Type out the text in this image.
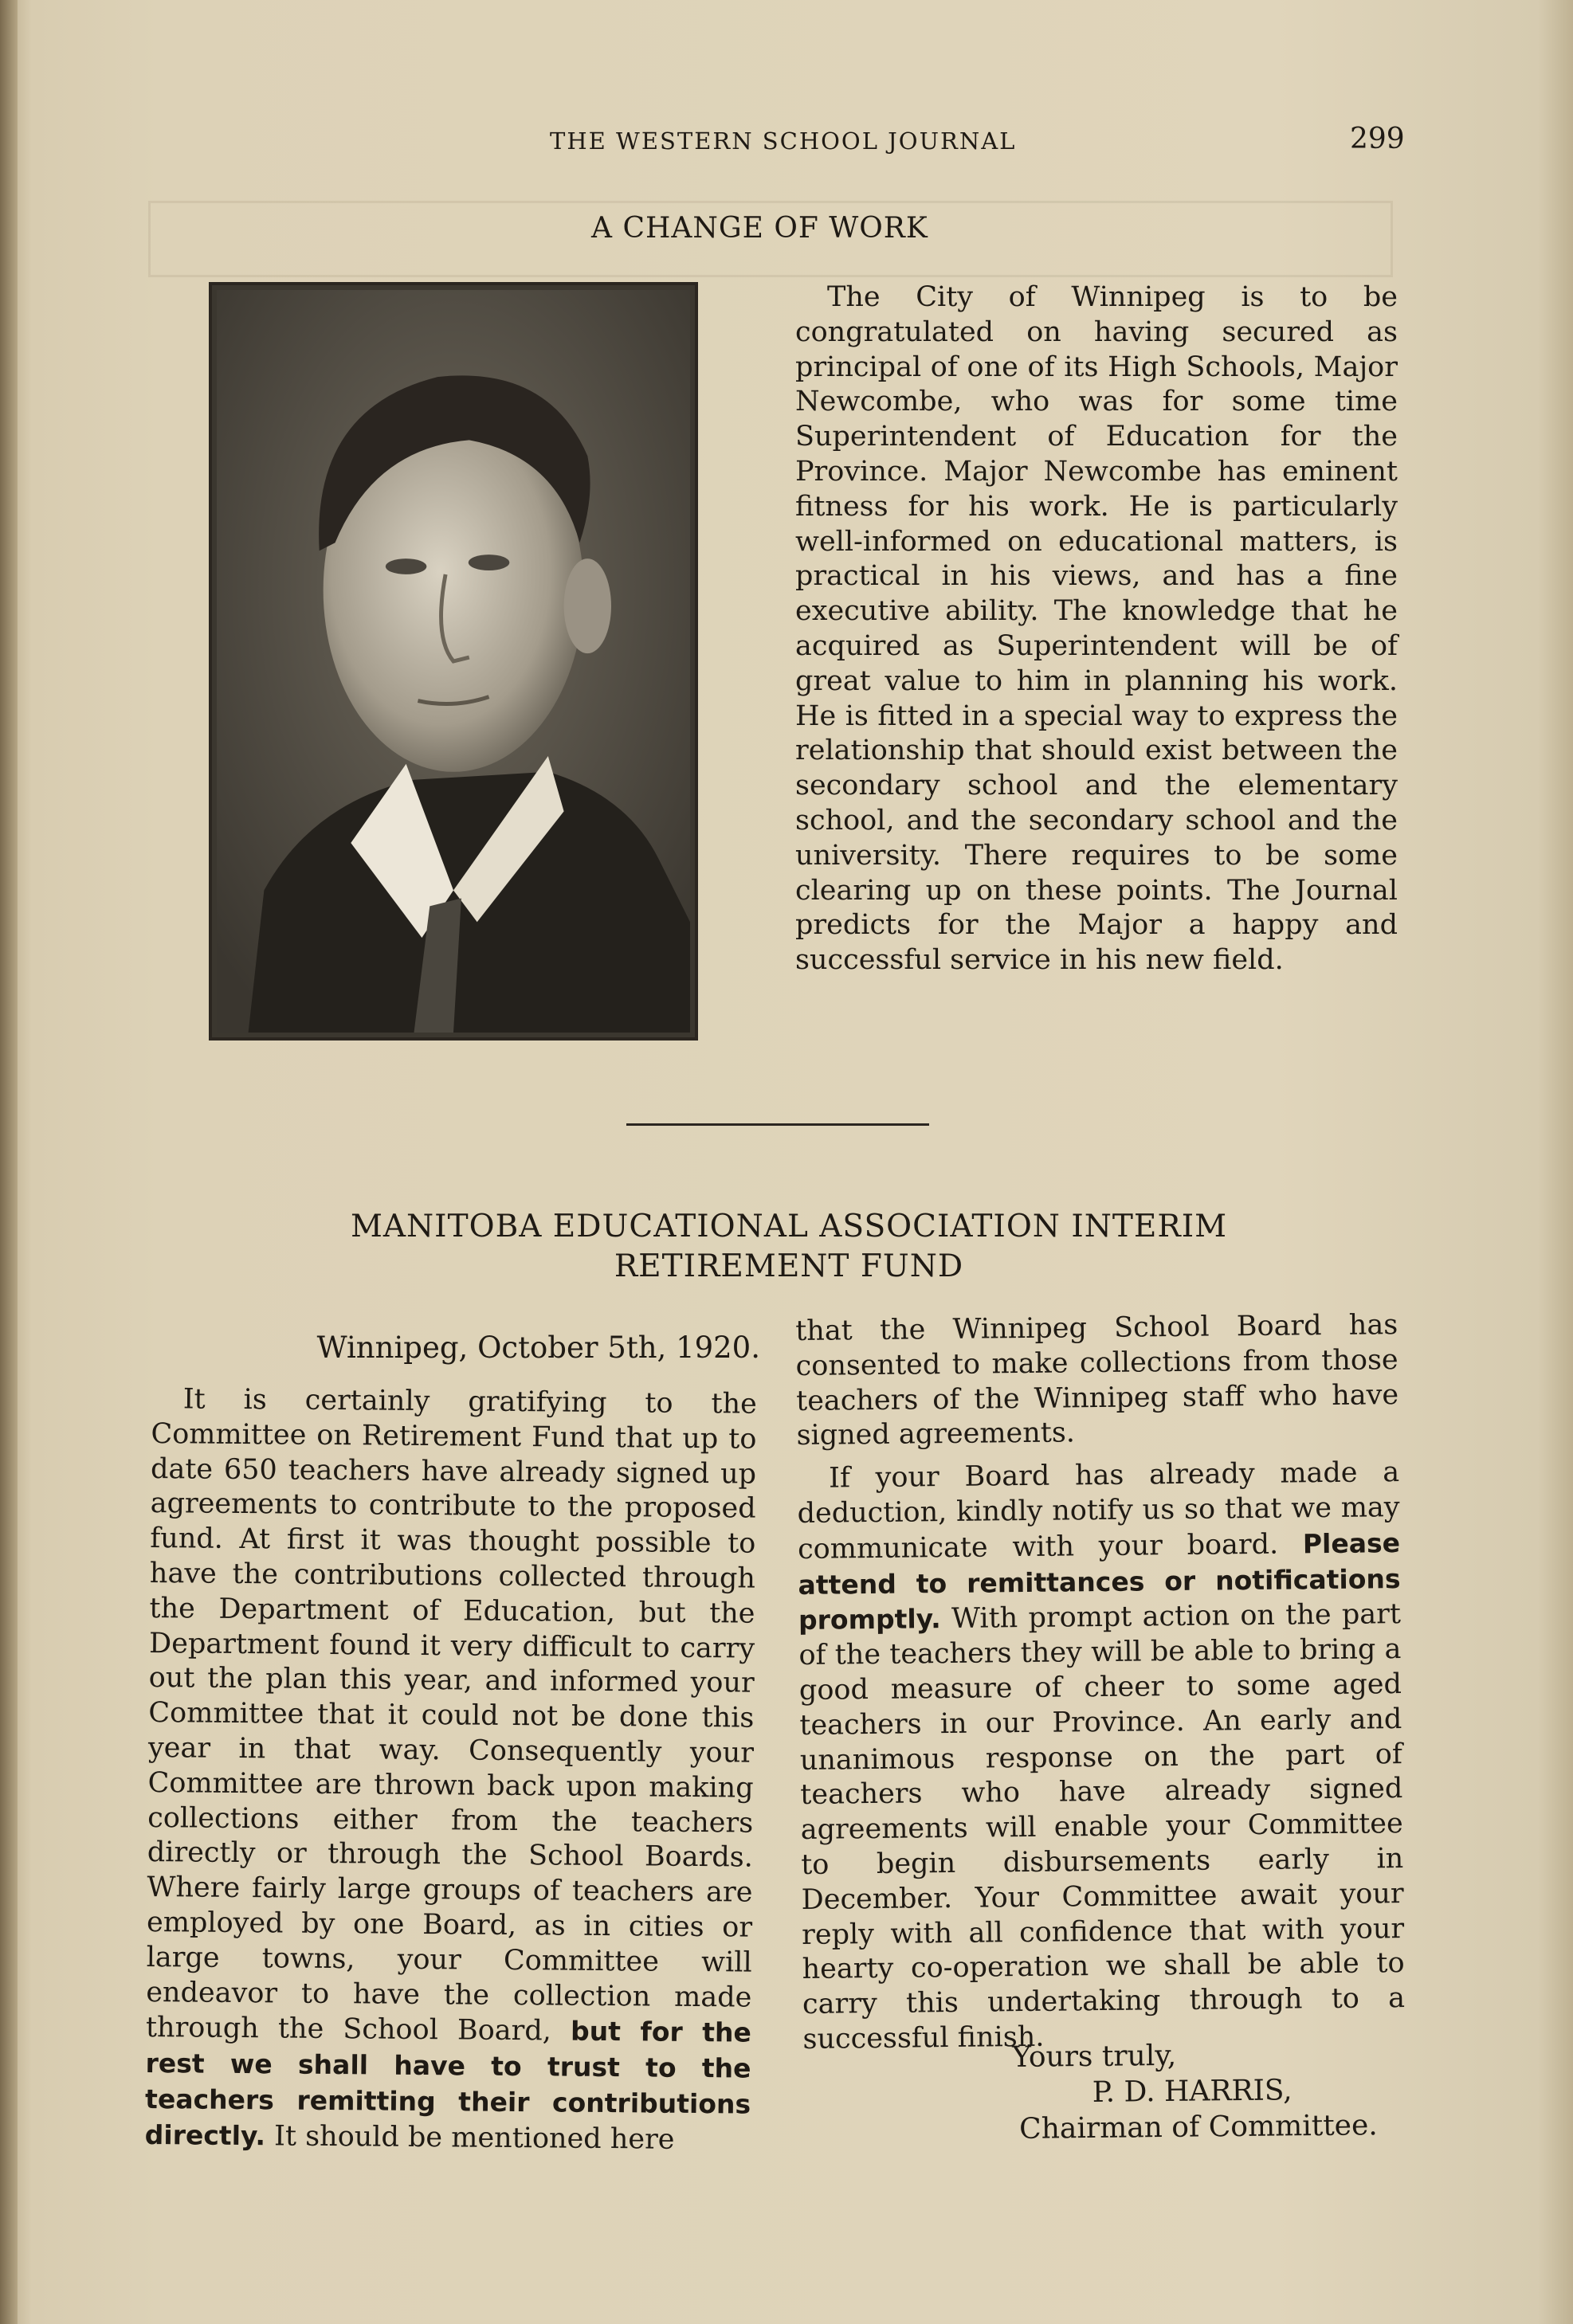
THE WESTERN SCHOOL JOURNAL	299
A CHANGE OF WORK

The City of Winnipeg is to be congratulated on having secured as principal of one of its High Schools, Major Newcombe, who was for some time Superintendent of Education for the Province. Major Newcombe has eminent fitness for his work. He is particularly well-informed on educational matters, is practical in his views, and has a fine executive ability. The knowledge that he acquired as Superintendent will be of great value to him in planning his work. He is fitted in a special way to express the relationship that should exist between the secondary school and the elementary school, and the secondary school and the university. There requires to be some clearing up on these points. The Journal predicts for the Major a happy and successful service in his new field.

MANITOBA EDUCATIONAL ASSOCIATION INTERIM
RETIREMENT FUND
Winnipeg, October 5th, 1920.

It is certainly gratifying to the Committee on Retirement Fund that up to date 650 teachers have already signed up agreements to contribute to the proposed fund. At first it was thought possible to have the contributions collected through the Department of Education, but the Department found it very difficult to carry out the plan this year, and informed your Committee that it could not be done this year in that way. Consequently your Committee are thrown back upon making collections either from the teachers directly or through the School Boards. Where fairly large groups of teachers are employed by one Board, as in cities or large towns, your Committee will endeavor to have the collection made through the School Board, but for the rest we shall have to trust to the teachers remitting their contributions directly. It should be mentioned here

that the Winnipeg School Board has consented to make collections from those teachers of the Winnipeg staff who have signed agreements.

If your Board has already made a deduction, kindly notify us so that we may communicate with your board. Please attend to remittances or notifications promptly. With prompt action on the part of the teachers they will be able to bring a good measure of cheer to some aged teachers in our Province. An early and unanimous response on the part of teachers who have already signed agreements will enable your Committee to begin disbursements early in December. Your Committee await your reply with all confidence that with your hearty co-operation we shall be able to carry this undertaking through to a successful finish.

Yours truly,
P. D. HARRIS,
Chairman of Committee.
